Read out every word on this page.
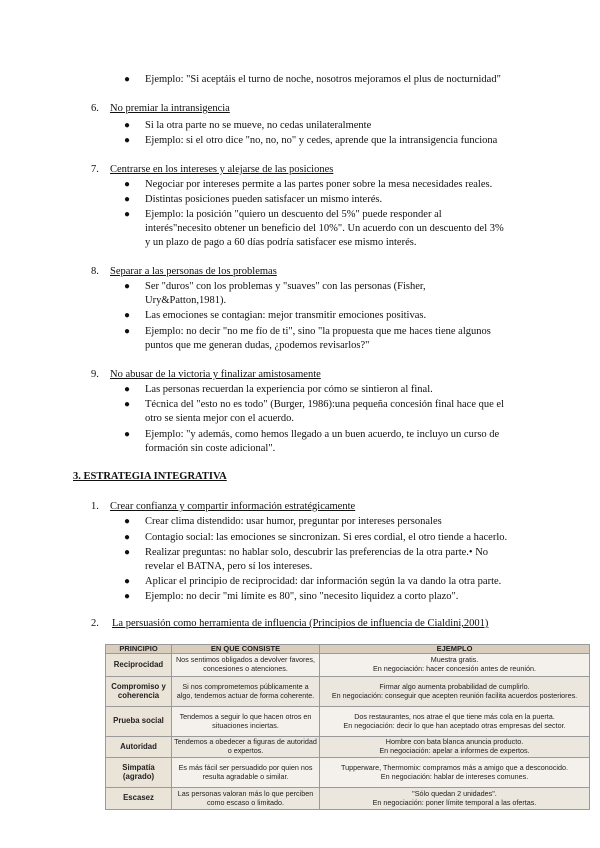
● Ejemplo: "Si aceptáis el turno de noche, nosotros mejoramos el plus de nocturnidad"
6. No premiar la intransigencia
● Si la otra parte no se mueve, no cedas unilateralmente
● Ejemplo: si el otro dice "no, no, no" y cedes, aprende que la intransigencia funciona
7. Centrarse en los intereses y alejarse de las posiciones
● Negociar por intereses permite a las partes poner sobre la mesa necesidades reales.
● Distintas posiciones pueden satisfacer un mismo interés.
● Ejemplo: la posición "quiero un descuento del 5%" puede responder al
interés"necesito obtener un beneficio del 10%". Un acuerdo con un descuento del 3%
y un plazo de pago a 60 días podría satisfacer ese mismo interés.
8. Separar a las personas de los problemas
● Ser "duros" con los problemas y "suaves" con las personas (Fisher,
Ury&Patton,1981).
● Las emociones se contagian: mejor transmitir emociones positivas.
● Ejemplo: no decir "no me fío de ti", sino "la propuesta que me haces tiene algunos
puntos que me generan dudas, ¿podemos revisarlos?"
9. No abusar de la victoria y finalizar amistosamente
● Las personas recuerdan la experiencia por cómo se sintieron al final.
● Técnica del "esto no es todo" (Burger, 1986):una pequeña concesión final hace que el
otro se sienta mejor con el acuerdo.
● Ejemplo: "y además, como hemos llegado a un buen acuerdo, te incluyo un curso de
formación sin coste adicional".
3. ESTRATEGIA INTEGRATIVA
1. Crear confianza y compartir información estratégicamente
● Crear clima distendido: usar humor, preguntar por intereses personales
● Contagio social: las emociones se sincronizan. Si eres cordial, el otro tiende a hacerlo.
● Realizar preguntas: no hablar solo, descubrir las preferencias de la otra parte.• No
revelar el BATNA, pero sí los intereses.
● Aplicar el principio de reciprocidad: dar información según la va dando la otra parte.
● Ejemplo: no decir "mi límite es 80", sino "necesito liquidez a corto plazo".
2. La persuasión como herramienta de influencia (Principios de influencia de Cialdini,2001)
PRINCIPIO	EN QUE CONSISTE	EJEMPLO
Reciprocidad	Nos sentimos obligados a devolver favores, concesiones o atenciones.	Muestra gratis.
En negociación: hacer concesión antes de reunión.

Compromiso y coherencia	Si nos comprometemos públicamente a algo, tendemos actuar de forma coherente.	Firmar algo aumenta probabilidad de cumplirlo.
En negociación: conseguir que acepten reunión facilita acuerdos posteriores.

Prueba social	Tendemos a seguir lo que hacen otros en situaciones inciertas.	Dos restaurantes, nos atrae el que tiene más cola en la puerta.
En negociación: decir lo que han aceptado otras empresas del sector.

Autoridad	Tendemos a obedecer a figuras de autoridad o expertos.	Hombre con bata blanca anuncia producto.
En negociación: apelar a informes de expertos.

Simpatía (agrado)	Es más fácil ser persuadido por quien nos resulta agradable o similar.	Tupperware, Thermomix: compramos más a amigo que a desconocido.
En negociación: hablar de intereses comunes.

Escasez	Las personas valoran más lo que perciben como escaso o limitado.	"Sólo quedan 2 unidades".
En negociación: poner límite temporal a las ofertas.
